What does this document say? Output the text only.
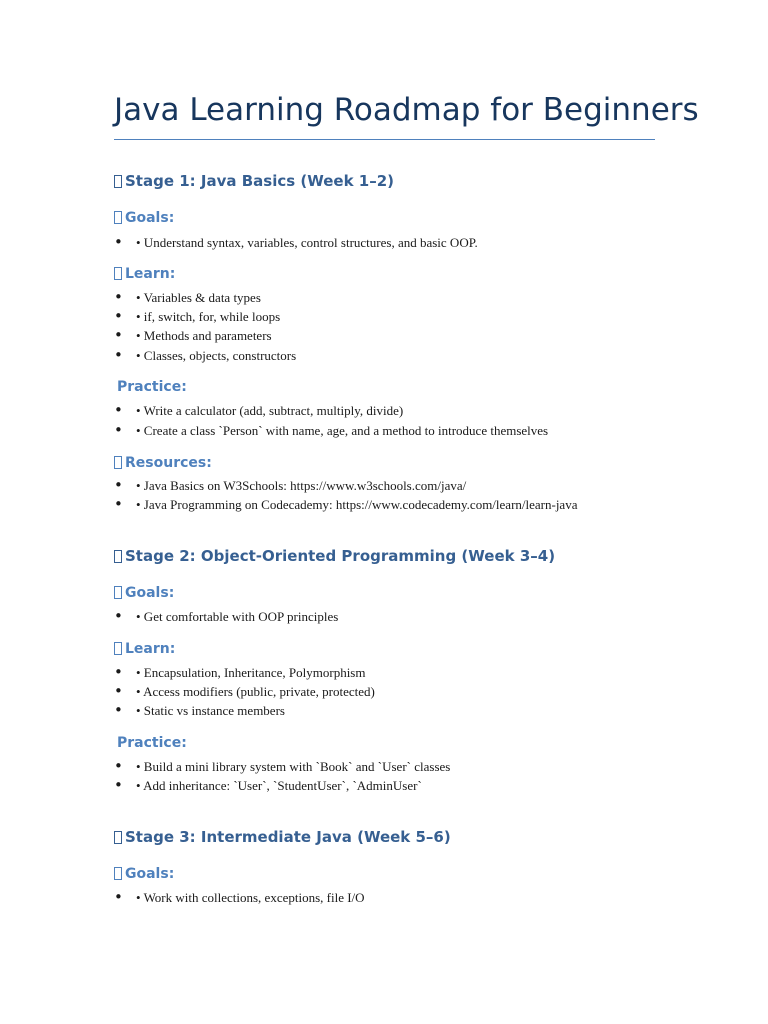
Java Learning Roadmap for Beginners
Stage 1: Java Basics (Week 1–2)
Goals:
• • Understand syntax, variables, control structures, and basic OOP.
Learn:
• • Variables & data types
• • if, switch, for, while loops
• • Methods and parameters
• • Classes, objects, constructors
Practice:
• • Write a calculator (add, subtract, multiply, divide)
• • Create a class `Person` with name, age, and a method to introduce themselves
Resources:
• • Java Basics on W3Schools: https://www.w3schools.com/java/
• • Java Programming on Codecademy: https://www.codecademy.com/learn/learn-java
Stage 2: Object-Oriented Programming (Week 3–4)
Goals:
• • Get comfortable with OOP principles
Learn:
• • Encapsulation, Inheritance, Polymorphism
• • Access modifiers (public, private, protected)
• • Static vs instance members
Practice:
• • Build a mini library system with `Book` and `User` classes
• • Add inheritance: `User`, `StudentUser`, `AdminUser`
Stage 3: Intermediate Java (Week 5–6)
Goals:
• • Work with collections, exceptions, file I/O
